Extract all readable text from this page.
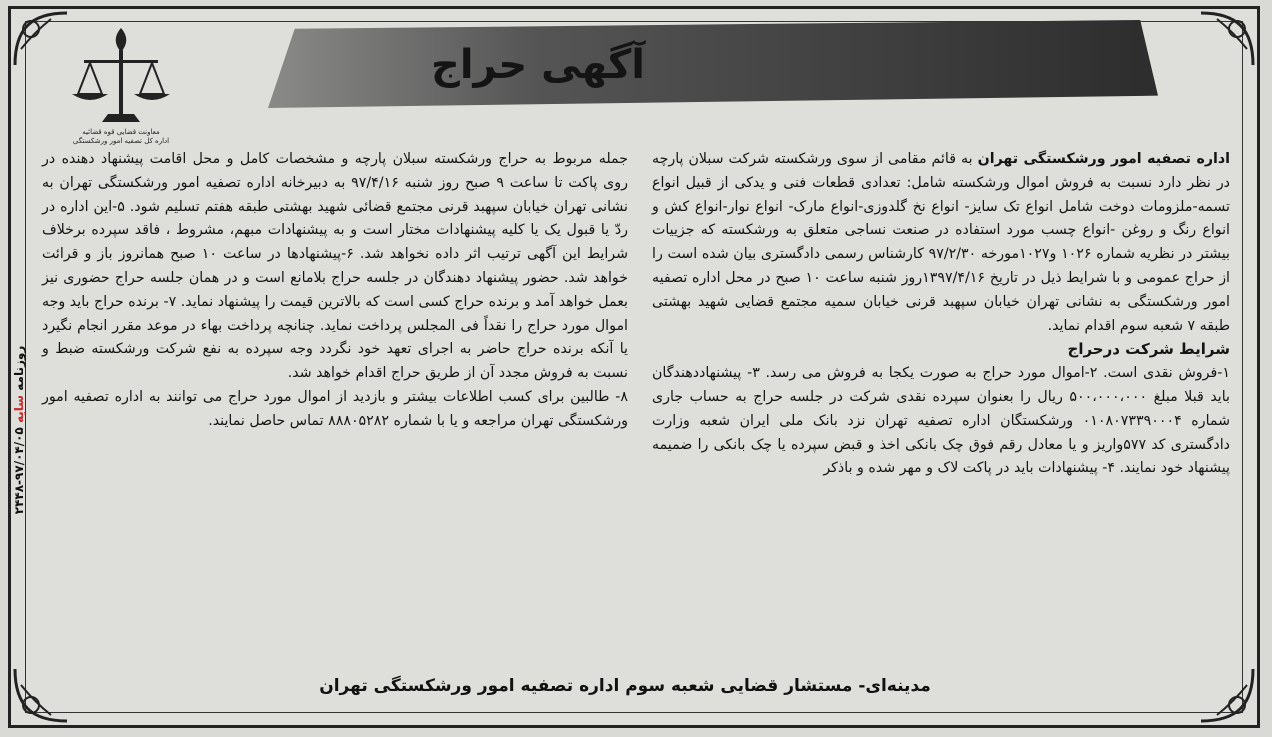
آگهی حراج
معاونت قضایی قوه قضائیه
اداره کل تصفیه امور ورشکستگی
روزنامه سایه ۹۷/۰۴/۰۵-۲۴۴۸

اداره تصفیه امور ورشکستگی تهران به قائم مقامی از سوی ورشکسته شرکت سبلان پارچه در نظر دارد نسبت به فروش اموال ورشکسته شامل: تعدادی قطعات فنی و یدکی از قبیل انواع تسمه-ملزومات دوخت شامل انواع تک سایز- انواع نخ گلدوزی-انواع مارک- انواع نوار-انواع کش و انواع رنگ و روغن -انواع چسب مورد استفاده در صنعت نساجی متعلق به ورشکسته که جزییات بیشتر در نظریه شماره ۱۰۲۶ و۱۰۲۷مورخه ۹۷/۲/۳۰ کارشناس رسمی دادگستری بیان شده است را از حراج عمومی و با شرایط ذیل در تاریخ ۱۳۹۷/۴/۱۶روز شنبه ساعت ۱۰ صبح در محل اداره تصفیه امور ورشکستگی به نشانی تهران خیابان سپهبد قرنی خیابان سمیه مجتمع قضایی شهید بهشتی طبقه ۷ شعبه سوم اقدام نماید.

شرایط شرکت درحراج

۱-فروش نقدی است. ۲-اموال مورد حراج به صورت یکجا به فروش می رسد. ۳- پیشنهاددهندگان باید قبلا مبلغ ۵۰۰،۰۰۰،۰۰۰ ریال را بعنوان سپرده نقدی شرکت در جلسه حراج به حساب جاری شماره ۰۱۰۸۰۷۳۳۹۰۰۰۴ ورشکستگان اداره تصفیه تهران نزد بانک ملی ایران شعبه وزارت دادگستری کد ۵۷۷واریز و یا معادل رقم فوق چک بانکی اخذ و قبض سپرده یا چک بانکی را ضمیمه پیشنهاد خود نمایند. ۴- پیشنهادات باید در پاکت لاک و مهر شده و باذکر

جمله مربوط به حراج ورشکسته سبلان پارچه و مشخصات کامل و محل اقامت پیشنهاد دهنده در روی پاکت تا ساعت ۹ صبح روز شنبه ۹۷/۴/۱۶ به دبیرخانه اداره تصفیه امور ورشکستگی تهران به نشانی تهران خیابان سپهبد قرنی مجتمع قضائی شهید بهشتی طبقه هفتم تسلیم شود. ۵-این اداره در ردّ یا قبول یک یا کلیه پیشنهادات مختار است و به پیشنهادات مبهم، مشروط ، فاقد سپرده برخلاف شرایط این آگهی ترتیب اثر داده نخواهد شد. ۶-پیشنهادها در ساعت ۱۰ صبح همانروز باز و قرائت خواهد شد. حضور پیشنهاد دهندگان در جلسه حراج بلامانع است و در همان جلسه حراج حضوری نیز بعمل خواهد آمد و برنده حراج کسی است که بالاترین قیمت را پیشنهاد نماید. ۷- برنده حراج باید وجه اموال مورد حراج را نقداً فی المجلس پرداخت نماید. چنانچه پرداخت بهاء در موعد مقرر انجام نگیرد یا آنکه برنده حراج حاضر به اجرای تعهد خود نگردد وجه سپرده به نفع شرکت ورشکسته ضبط و نسبت به فروش مجدد آن از طریق حراج اقدام خواهد شد.

۸- طالبین برای کسب اطلاعات بیشتر و بازدید از اموال مورد حراج می توانند به اداره تصفیه امور ورشکستگی تهران مراجعه و یا با شماره ۸۸۸۰۵۲۸۲ تماس حاصل نمایند.

مدینه‌ای- مستشار قضایی شعبه سوم اداره تصفیه امور ورشکستگی تهران
